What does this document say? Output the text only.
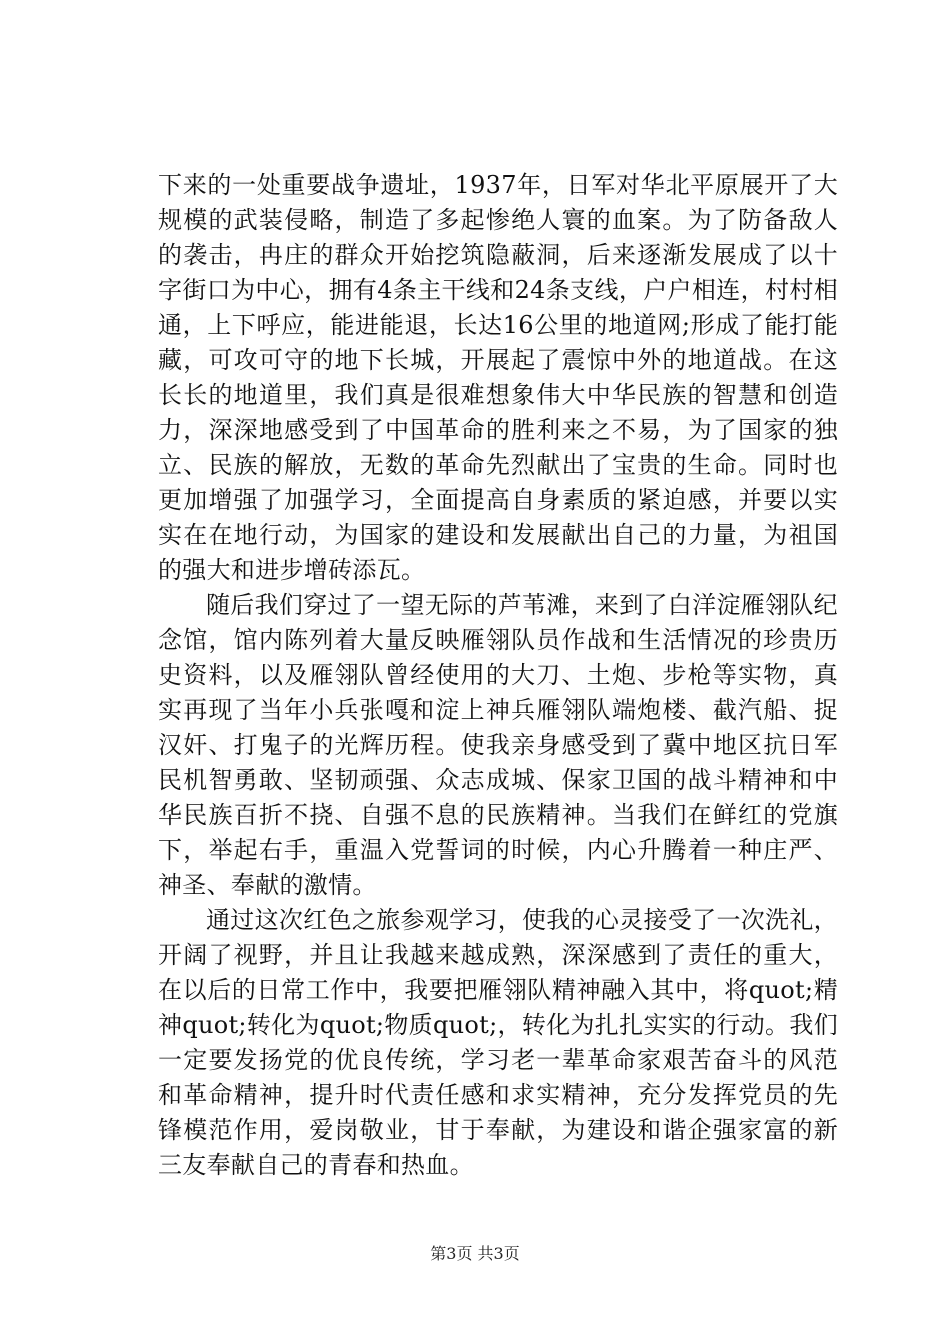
下来的一处重要战争遗址，1937年，日军对华北平原展开了大规模的武装侵略，制造了多起惨绝人寰的血案。为了防备敌人的袭击，冉庄的群众开始挖筑隐蔽洞，后来逐渐发展成了以十字街口为中心，拥有4条主干线和24条支线，户户相连，村村相通，上下呼应，能进能退，长达16公里的地道网;形成了能打能藏，可攻可守的地下长城，开展起了震惊中外的地道战。在这长长的地道里，我们真是很难想象伟大中华民族的智慧和创造力，深深地感受到了中国革命的胜利来之不易，为了国家的独立、民族的解放，无数的革命先烈献出了宝贵的生命。同时也更加增强了加强学习，全面提高自身素质的紧迫感，并要以实实在在地行动，为国家的建设和发展献出自己的力量，为祖国的强大和进步增砖添瓦。

随后我们穿过了一望无际的芦苇滩，来到了白洋淀雁翎队纪念馆，馆内陈列着大量反映雁翎队员作战和生活情况的珍贵历史资料，以及雁翎队曾经使用的大刀、土炮、步枪等实物，真实再现了当年小兵张嘎和淀上神兵雁翎队端炮楼、截汽船、捉汉奸、打鬼子的光辉历程。使我亲身感受到了冀中地区抗日军民机智勇敢、坚韧顽强、众志成城、保家卫国的战斗精神和中华民族百折不挠、自强不息的民族精神。当我们在鲜红的党旗下，举起右手，重温入党誓词的时候，内心升腾着一种庄严、神圣、奉献的激情。

通过这次红色之旅参观学习，使我的心灵接受了一次洗礼，开阔了视野，并且让我越来越成熟，深深感到了责任的重大，在以后的日常工作中，我要把雁翎队精神融入其中，将quot;精神quot;转化为quot;物质quot;，转化为扎扎实实的行动。我们一定要发扬党的优良传统，学习老一辈革命家艰苦奋斗的风范和革命精神，提升时代责任感和求实精神，充分发挥党员的先锋模范作用，爱岗敬业，甘于奉献，为建设和谐企强家富的新三友奉献自己的青春和热血。

第3页 共3页
